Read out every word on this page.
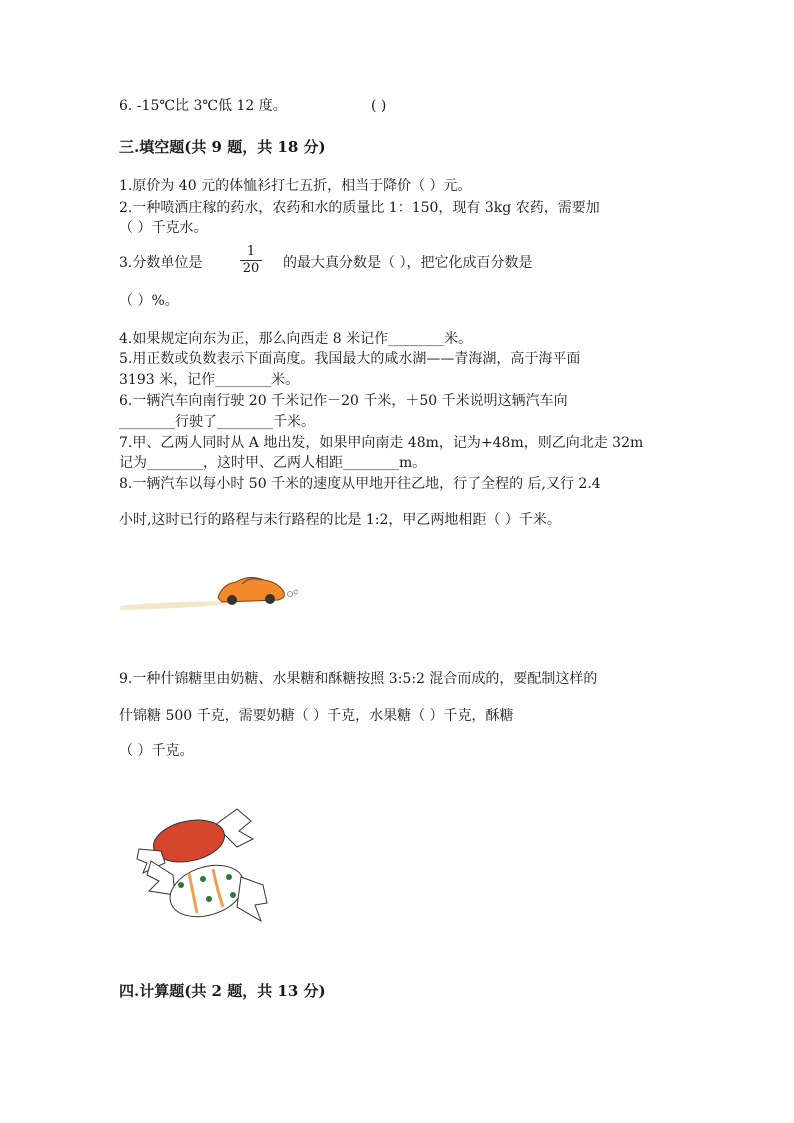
6. -15℃比 3℃低 12 度。	( )
三.填空题(共 9 题，共 18 分)
1.原价为 40 元的体恤衫打七五折，相当于降价（ ）元。
2.一种喷洒庄稼的药水，农药和水的质量比 1：150，现有 3kg 农药，需要加
（ ）千克水。
3.分数单位是
1
20	的最大真分数是（ ），把它化成百分数是
（ ）%。
4.如果规定向东为正，那么向西走 8 米记作________米。
5.用正数或负数表示下面高度。我国最大的咸水湖——青海湖，高于海平面
3193 米，记作________米。
6.一辆汽车向南行驶 20 千米记作－20 千米，＋50 千米说明这辆汽车向
________行驶了________千米。
7.甲、乙两人同时从 A 地出发，如果甲向南走 48m，记为+48m，则乙向北走 32m
记为________，这时甲、乙两人相距________m。
8.一辆汽车以每小时 50 千米的速度从甲地开往乙地，行了全程的 后,又行 2.4
小时,这时已行的路程与未行路程的比是 1:2，甲乙两地相距（ ）千米。
9.一种什锦糖里由奶糖、水果糖和酥糖按照 3:5:2 混合而成的，要配制这样的
什锦糖 500 千克，需要奶糖（ ）千克，水果糖（ ）千克，酥糖
（ ）千克。
四.计算题(共 2 题，共 13 分)
